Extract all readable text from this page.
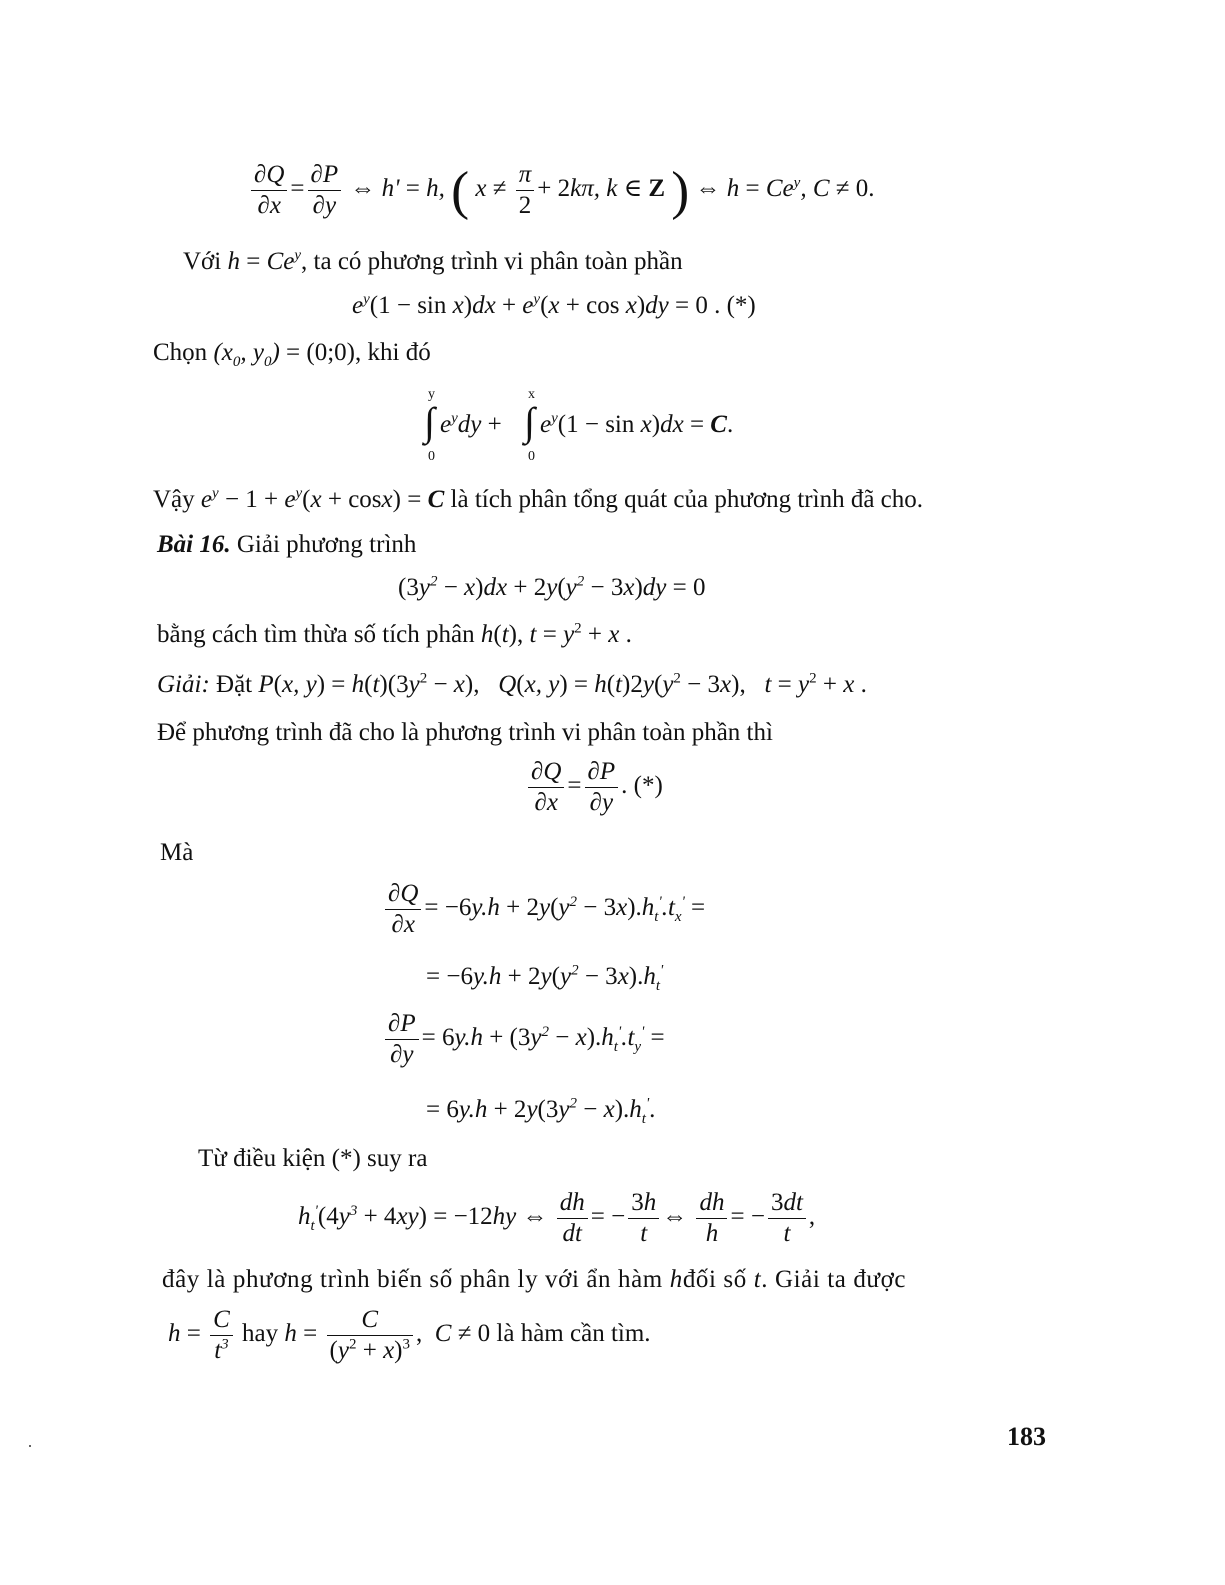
$\frac{\partial Q}{\partial x} = \frac{\partial P}{\partial y}$ ⇔ h' = h, ( $x \ne \frac{\pi}{2} + 2k\pi$, k ∈ Z ) ⇔ $h = Ce^y$, C ≠ 0.
Với $h = Ce^y$, ta có phương trình vi phân toàn phần
$e^y(1 - \sin x)dx + e^y(x + \cos x)dy = 0$ . (*)
Chọn ($x_0$, $y_0$) = (0;0), khi đó
y
∫
0
$e^ydy$ +
x
∫
0
$e^y(1 - \sin x)dx = C$.
Vậy $e^y - 1 + e^y(x + \cos x) = C$ là tích phân tổng quát của phương trình đã cho.
Bài 16. Giải phương trình
$(3y^2 - x)dx + 2y(y^2 - 3x)dy = 0$
bằng cách tìm thừa số tích phân h(t), $t = y^2 + x$ .
Giải: Đặt P(x, $y) = h(t)(3y^2 - x)$,   Q(x, $y) = h(t)2y(y^2 - 3x)$,   $t = y^2 + x$ .
Để phương trình đã cho là phương trình vi phân toàn phần thì
$\frac{\partial Q}{\partial x} = \frac{\partial P}{\partial y}$ . (*)
Mà
$\frac{\partial Q}{\partial x} = -6y.h + 2y(y^2 - 3x).h_t'.t_x'$ =
= $-6y.h + 2y(y^2 - 3x).h_t'$
$\frac{\partial P}{\partial y} = 6y.h + (3y^2 - x).h_t'.t_y'$ =
= $6y.h + 2y(3y^2 - x).h_t'$.
Từ điều kiện (*) suy ra
$h_t'(4y^3 + 4xy) = -12hy$ ⇔ $\frac{dh}{dt}$ = − $\frac{3h}{t}$ ⇔ $\frac{dh}{h}$ = − $\frac{3dt}{t}$ ,
đây là phương trình biến số phân ly với ẩn hàm hđối số t. Giải ta được
$h = \frac{C}{t^3}$ hay $h = \frac{C}{(y^2 + x)^3}$ ,  C ≠ 0 là hàm cần tìm.
183
